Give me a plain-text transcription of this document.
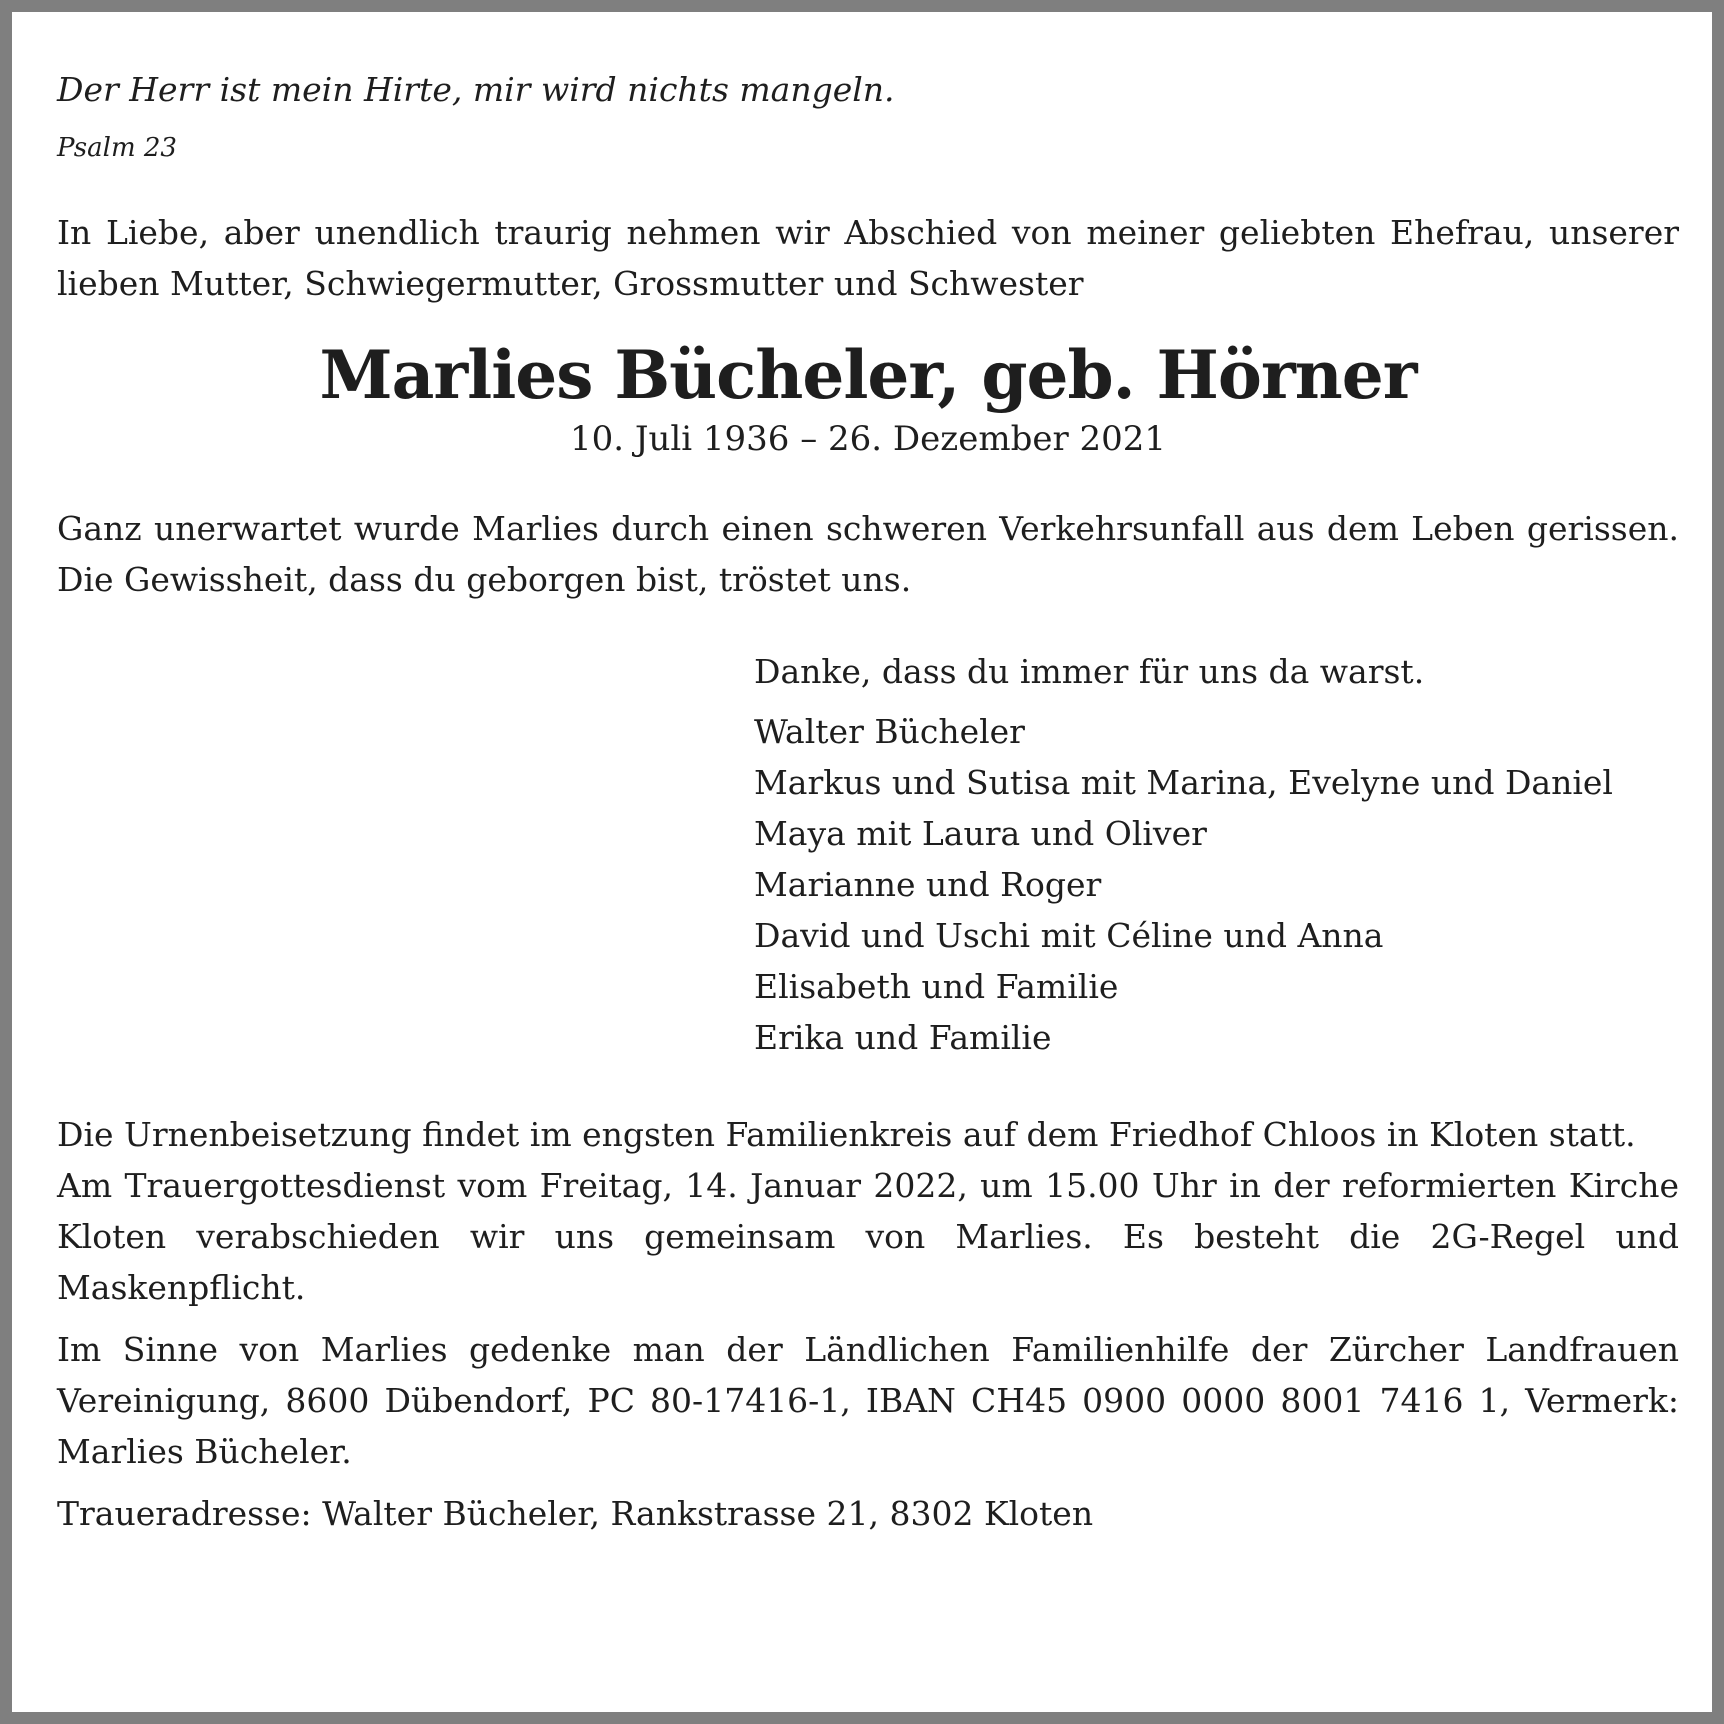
Der Herr ist mein Hirte, mir wird nichts mangeln.

Psalm 23

In Liebe, aber unendlich traurig nehmen wir Abschied von meiner geliebten Ehefrau, unserer lieben Mutter, Schwiegermutter, Grossmutter und Schwester

Marlies Bücheler, geb. Hörner

10. Juli 1936 – 26. Dezember 2021

Ganz unerwartet wurde Marlies durch einen schweren Verkehrsunfall aus dem Leben gerissen. Die Gewissheit, dass du geborgen bist, tröstet uns.

Danke, dass du immer für uns da warst.

Walter Bücheler
Markus und Sutisa mit Marina, Evelyne und Daniel
Maya mit Laura und Oliver
Marianne und Roger
David und Uschi mit Céline und Anna
Elisabeth und Familie
Erika und Familie

Die Urnenbeisetzung findet im engsten Familienkreis auf dem Friedhof Chloos in Kloten statt.

Am Trauergottesdienst vom Freitag, 14. Januar 2022, um 15.00 Uhr in der reformierten Kirche Kloten verabschieden wir uns gemeinsam von Marlies. Es besteht die 2G-Regel und Maskenpflicht.

Im Sinne von Marlies gedenke man der Ländlichen Familienhilfe der Zürcher Landfrauen Vereinigung, 8600 Dübendorf, PC 80-17416-1, IBAN CH45 0900 0000 8001 7416 1, Vermerk: Marlies Bücheler.

Traueradresse: Walter Bücheler, Rankstrasse 21, 8302 Kloten
